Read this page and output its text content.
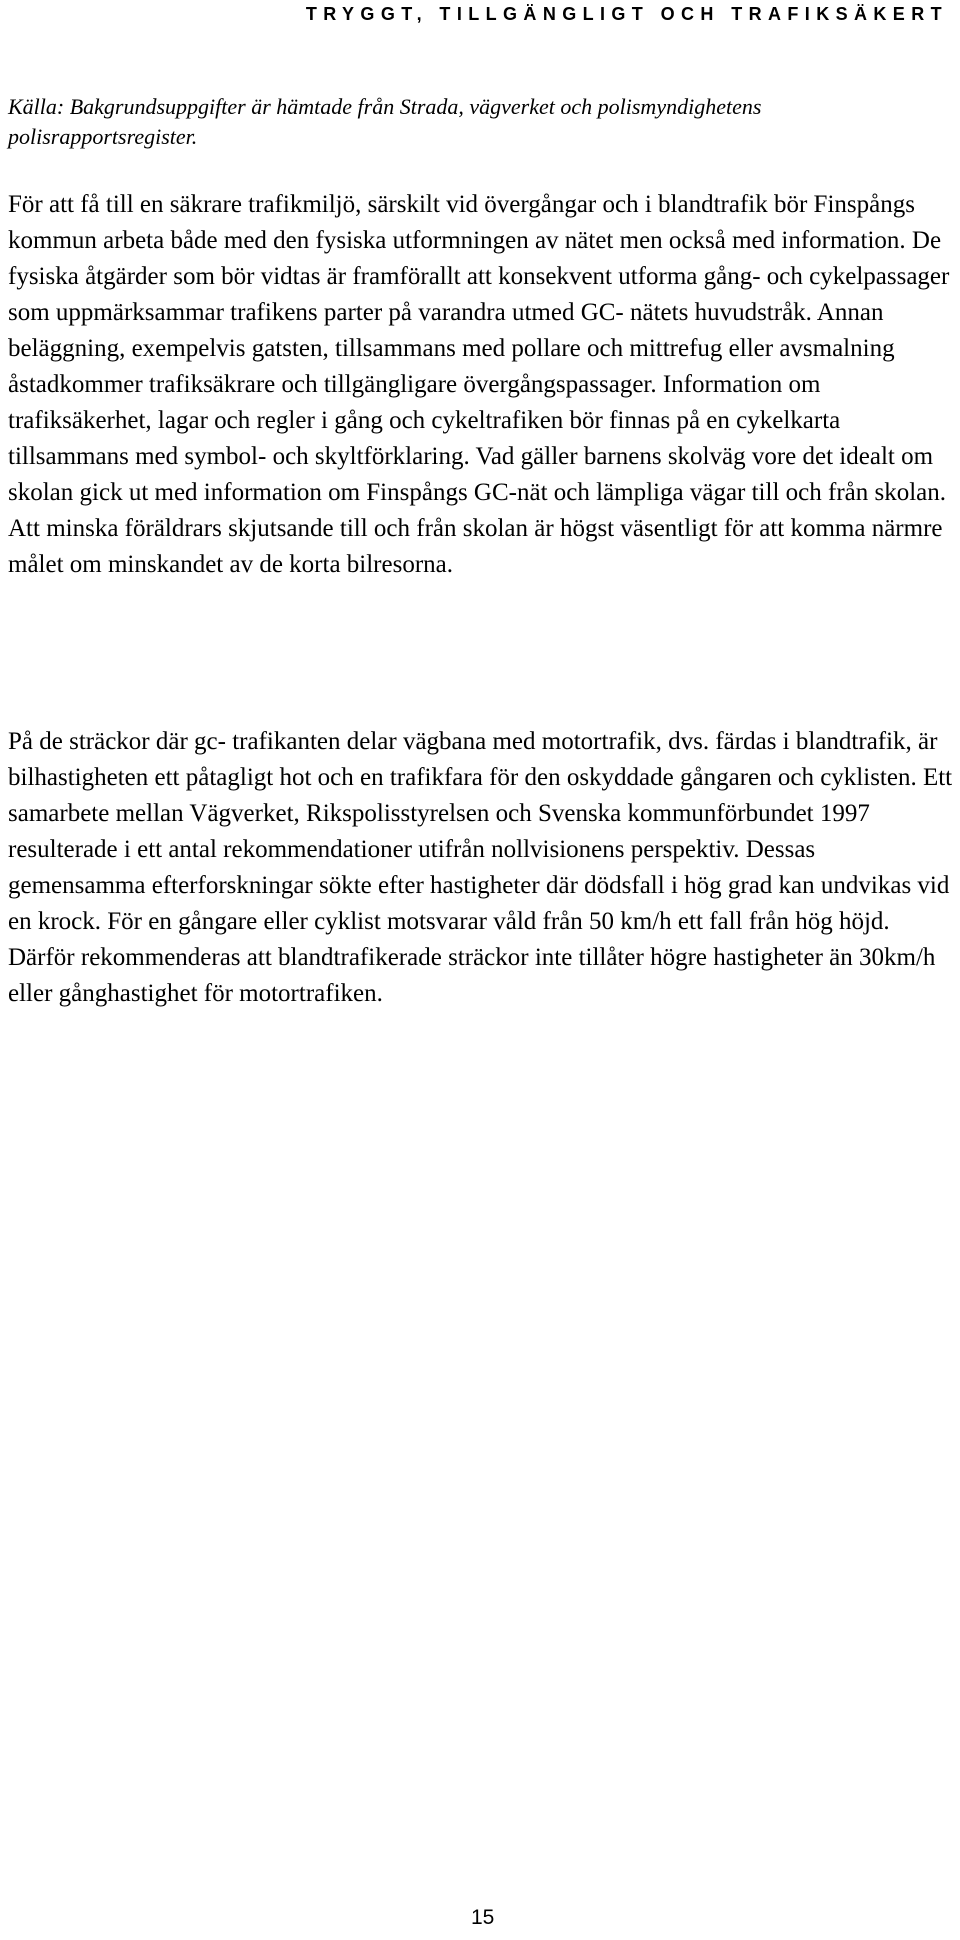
TRYGGT, TILLGÄNGLIGT OCH TRAFIKSÄKERT

Källa: Bakgrundsuppgifter är hämtade från Strada, vägverket och polismyndighetens polisrapportsregister.

För att få till en säkrare trafikmiljö, särskilt vid övergångar och i blandtrafik bör Finspångs kommun arbeta både med den fysiska utformningen av nätet men också med information. De fysiska åtgärder som bör vidtas är framförallt att konsekvent utforma gång- och cykelpassager som uppmärksammar trafikens parter på varandra utmed GC- nätets huvudstråk. Annan beläggning, exempelvis gatsten, tillsammans med pollare och mittrefug eller avsmalning åstadkommer trafiksäkrare och tillgängligare övergångspassager. Information om trafiksäkerhet, lagar och regler i gång och cykeltrafiken bör finnas på en cykelkarta tillsammans med symbol- och skyltförklaring. Vad gäller barnens skolväg vore det idealt om skolan gick ut med information om Finspångs GC-nät och lämpliga vägar till och från skolan. Att minska föräldrars skjutsande till och från skolan är högst väsentligt för att komma närmre målet om minskandet av de korta bilresorna.

På de sträckor där gc- trafikanten delar vägbana med motortrafik, dvs. färdas i blandtrafik, är bilhastigheten ett påtagligt hot och en trafikfara för den oskyddade gångaren och cyklisten. Ett samarbete mellan Vägverket, Rikspolisstyrelsen och Svenska kommunförbundet 1997 resulterade i ett antal rekommendationer utifrån nollvisionens perspektiv. Dessas gemensamma efterforskningar sökte efter hastigheter där dödsfall i hög grad kan undvikas vid en krock. För en gångare eller cyklist motsvarar våld från 50 km/h ett fall från hög höjd. Därför rekommenderas att blandtrafikerade sträckor inte tillåter högre hastigheter än 30km/h eller gånghastighet för motortrafiken.

15
